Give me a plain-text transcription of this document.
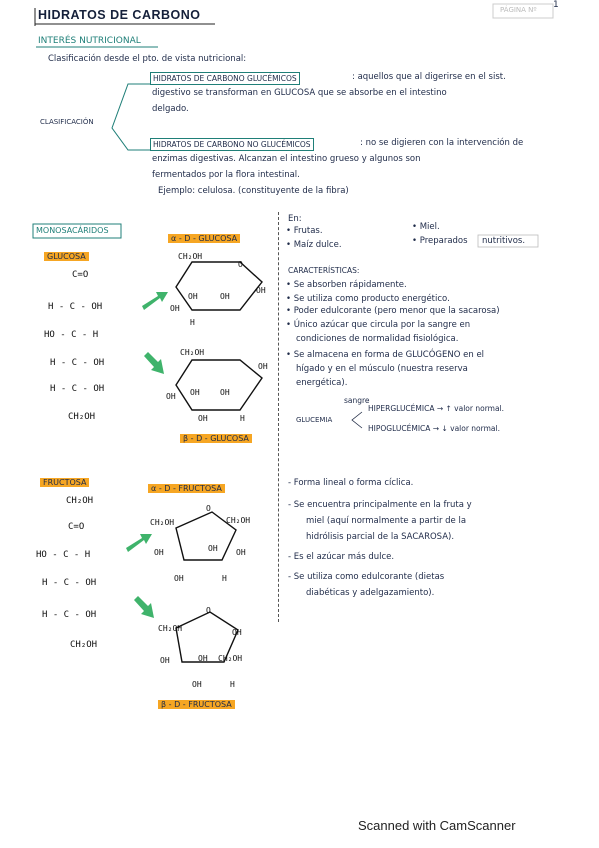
HIDRATOS DE CARBONO	PÁGINA Nº 1
INTERÉS NUTRICIONAL
Clasificación desde el pto. de vista nutricional:
CLASIFICACIÓN
HIDRATOS DE CARBONO GLUCÉMICOS	: aquellos que al digerirse en el sist.
digestivo se transforman en GLUCOSA que se absorbe en el intestino
delgado.
HIDRATOS DE CARBONO NO GLUCÉMICOS	: no se digieren con la intervención de
enzimas digestivas. Alcanzan el intestino grueso y algunos son
fermentados por la flora intestinal.
Ejemplo: celulosa. (constituyente de la fibra)
MONOSACÁRIDOS
GLUCOSA
α - D - GLUCOSA
β - D - GLUCOSA
C=O
H - C - OH
HO - C - H
H - C - OH
H - C - OH
CH₂OH
CH₂OH
O
OH
OH	OH
OH
H
CH₂OH
OH
OH	OH
OH
OH	H
En:
• Frutas.	• Miel.
• Maíz dulce.	• Preparados nutritivos.
CARACTERÍSTICAS:
• Se absorben rápidamente.
• Se utiliza como producto energético.
• Poder edulcorante (pero menor que la sacarosa)
• Único azúcar que circula por la sangre en
condiciones de normalidad fisiológica.
• Se almacena en forma de GLUCÓGENO en el
hígado y en el músculo (nuestra reserva
energética).
sangre
GLUCEMIA
HIPERGLUCÉMICA → ↑ valor normal.
HIPOGLUCÉMICA → ↓ valor normal.
FRUCTOSA
α - D - FRUCTOSA
β - D - FRUCTOSA
CH₂OH
C=O
HO - C - H
H - C - OH
H - C - OH
CH₂OH
O
CH₂OH	CH₂OH
OH	OH OH
OH	H
O
CH₂OH	OH
OH	OH CH₂OH
OH	H
- Forma lineal o forma cíclica.
- Se encuentra principalmente en la fruta y
miel (aquí normalmente a partir de la
hidrólisis parcial de la SACAROSA).
- Es el azúcar más dulce.
- Se utiliza como edulcorante (dietas
diabéticas y adelgazamiento).
Scanned with CamScanner
